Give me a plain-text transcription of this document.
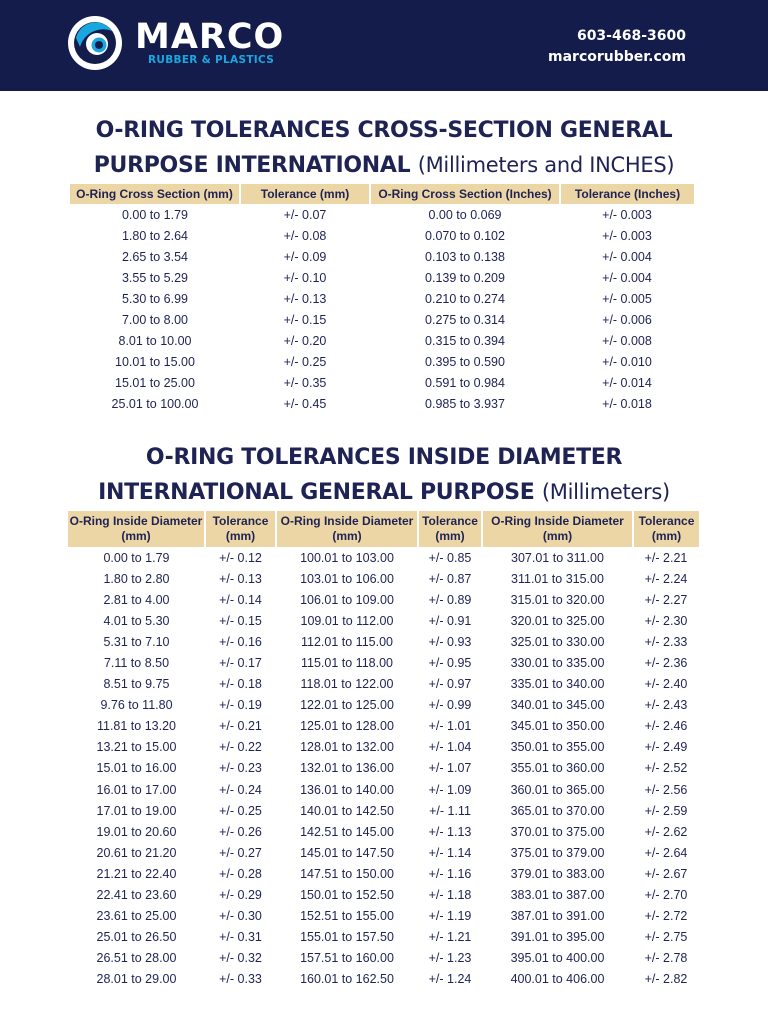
MARCO
RUBBER & PLASTICS
603-468-3600
marcorubber.com
O-RING TOLERANCES CROSS-SECTION GENERAL
PURPOSE INTERNATIONAL (Millimeters and INCHES)
O-Ring Cross Section (mm)	Tolerance (mm)	O-Ring Cross Section (Inches)	Tolerance (Inches)
0.00 to 1.79	+/- 0.07	0.00 to 0.069	+/- 0.003
1.80 to 2.64	+/- 0.08	0.070 to 0.102	+/- 0.003
2.65 to 3.54	+/- 0.09	0.103 to 0.138	+/- 0.004
3.55 to 5.29	+/- 0.10	0.139 to 0.209	+/- 0.004
5.30 to 6.99	+/- 0.13	0.210 to 0.274	+/- 0.005
7.00 to 8.00	+/- 0.15	0.275 to 0.314	+/- 0.006
8.01 to 10.00	+/- 0.20	0.315 to 0.394	+/- 0.008
10.01 to 15.00	+/- 0.25	0.395 to 0.590	+/- 0.010
15.01 to 25.00	+/- 0.35	0.591 to 0.984	+/- 0.014
25.01 to 100.00	+/- 0.45	0.985 to 3.937	+/- 0.018
O-RING TOLERANCES INSIDE DIAMETER
INTERNATIONAL GENERAL PURPOSE (Millimeters)
O-Ring Inside Diameter (mm)	Tolerance (mm)	O-Ring Inside Diameter (mm)	Tolerance (mm)	O-Ring Inside Diameter (mm)	Tolerance (mm)
0.00 to 1.79	+/- 0.12	100.01 to 103.00	+/- 0.85	307.01 to 311.00	+/- 2.21
1.80 to 2.80	+/- 0.13	103.01 to 106.00	+/- 0.87	311.01 to 315.00	+/- 2.24
2.81 to 4.00	+/- 0.14	106.01 to 109.00	+/- 0.89	315.01 to 320.00	+/- 2.27
4.01 to 5.30	+/- 0.15	109.01 to 112.00	+/- 0.91	320.01 to 325.00	+/- 2.30
5.31 to 7.10	+/- 0.16	112.01 to 115.00	+/- 0.93	325.01 to 330.00	+/- 2.33
7.11 to 8.50	+/- 0.17	115.01 to 118.00	+/- 0.95	330.01 to 335.00	+/- 2.36
8.51 to 9.75	+/- 0.18	118.01 to 122.00	+/- 0.97	335.01 to 340.00	+/- 2.40
9.76 to 11.80	+/- 0.19	122.01 to 125.00	+/- 0.99	340.01 to 345.00	+/- 2.43
11.81 to 13.20	+/- 0.21	125.01 to 128.00	+/- 1.01	345.01 to 350.00	+/- 2.46
13.21 to 15.00	+/- 0.22	128.01 to 132.00	+/- 1.04	350.01 to 355.00	+/- 2.49
15.01 to 16.00	+/- 0.23	132.01 to 136.00	+/- 1.07	355.01 to 360.00	+/- 2.52
16.01 to 17.00	+/- 0.24	136.01 to 140.00	+/- 1.09	360.01 to 365.00	+/- 2.56
17.01 to 19.00	+/- 0.25	140.01 to 142.50	+/- 1.11	365.01 to 370.00	+/- 2.59
19.01 to 20.60	+/- 0.26	142.51 to 145.00	+/- 1.13	370.01 to 375.00	+/- 2.62
20.61 to 21.20	+/- 0.27	145.01 to 147.50	+/- 1.14	375.01 to 379.00	+/- 2.64
21.21 to 22.40	+/- 0.28	147.51 to 150.00	+/- 1.16	379.01 to 383.00	+/- 2.67
22.41 to 23.60	+/- 0.29	150.01 to 152.50	+/- 1.18	383.01 to 387.00	+/- 2.70
23.61 to 25.00	+/- 0.30	152.51 to 155.00	+/- 1.19	387.01 to 391.00	+/- 2.72
25.01 to 26.50	+/- 0.31	155.01 to 157.50	+/- 1.21	391.01 to 395.00	+/- 2.75
26.51 to 28.00	+/- 0.32	157.51 to 160.00	+/- 1.23	395.01 to 400.00	+/- 2.78
28.01 to 29.00	+/- 0.33	160.01 to 162.50	+/- 1.24	400.01 to 406.00	+/- 2.82
